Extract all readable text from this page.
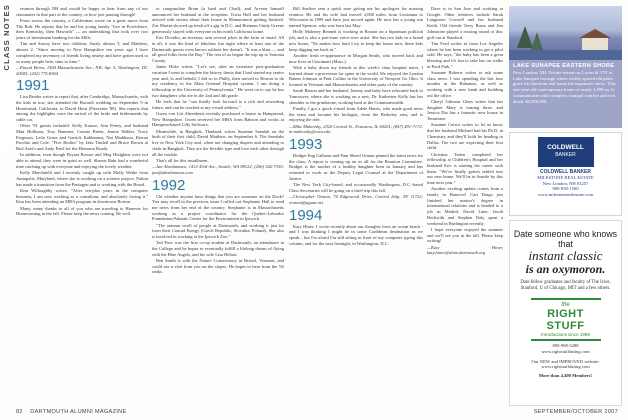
CLASS NOTES	reunion through NH and would be happy to hear from any of our classmates in that part of the country, or how just passing through!

From across the country, a Californian wrote on a great move from The Rob. He reports that he and his young family "live in Providence, then Kentucky, then Haworth" — an undertaking that took over two years of investment banking for the Mills.

Tim and Stacey have two children, Sarah, almost 5, and Matthew, almost 2. "Since moving to New Hampshire ten years ago I have completed my inventory of friends living nearby and have gotten used to so many people here, time to time."

—Pascal Berns, 1500 Massachusetts Ave., NW, Apt. 5, Washington, DC 20005; (202) 775-8364

1991

Lisa Bruder writes to report that, after Cambridge, Massachusetts, with the kids in tow, she attended the Bacardi wedding on September 9 in Homestead, California, to David Horn (Princeton '80). She reports that among the highlights were the arrival of the bride and bridesmaids by cable car.

Other '91 guests included: Kelly Krause, Ann Pettey, and husband Matt Hollinan; Troy Bammer, Connie Breen, Jennie Walker, Tracy Ferguson, Leila Grace and Garrick Kubbernus; Nat Maddison, Kieran Pacchio and Cole. "Five Bodies" by Jake Tindall and Bruce Brown at Bod Auer's and Andy Pawl for the Hermosa Roads.

In addition, even though Bryant Bowne and Meg Hodgkins were not able to attend, they were in spirit as well. Sharon Bahr had a wonderful time catching up with everyone and enjoying the lovely weather.

Kelly Marchitelli and I recently caught up with Molly Weihe from Annapolis, Maryland, where she is working on a science project. Fulton has made a transition from the Pentagon and is working with the Board.

Kim Willoughby writes: "After ten-plus years in the computer business, I am now working as a consultant, and absolutely loving it." Kim has been attending an MBA program in downtown Boston.

Many, many thanks to all of you who are traveling to Hanover for Homecoming in the fall. Please keep the news coming. Be well.

to congratulate Brian (a hard and Chad), and Arveen himself announced her husband at the reception. Tricia Hall and her husband arrived with stories about their house in Mamaroneck getting finished. Zac Martin showed up fresh off a gig in D.C. and Brennan Cindy Greene generously stayed with everyone in his north California home.

Eric Dovidio, an investor, sent several jokes in the form of email. All in all, it was the kind of fabulous fun night where at least one of the Dartmouth guests even knows without her doesn't. "It was a blast — and all good folks from the Bay." The rest of us began the trip up to Sonoma County.

Jamie Hoke writes: "Let's see, after an extensive post-graduation vacation I went to complete the history thesis that I had started my senior year and, lo and behold, I did so in Philly, then moved to Boston to do my residency in the Mass General Hospital system. I am doing a fellowship at the University of Pennsylvania." He went on to say he has two daughters who are in the 2nd and 4th grade.

He feels that he "can finally look forward to a rich and rewarding future, and can be reached at my e-mail address."

Gwen von Litt Ahrenberts recently purchased a house in Hampstead, New Hampshire. Gwen received her MBA from Babson and works at Hampton-based Lilly Software.

Meanwhile, in Bangkok, Thailand, writes Suzanne Saenlak on the birth of their first child, David Matthew, on September 6. The Saenlaks live in New York City and, when not changing diapers and attending to clade in Bangkok. They are the flexible type and love each other through all the trouble.

That's all for this installment.

—Jan Abrahamsen, 1412 43rd Ave., Seattle, WA 98122; (206) 342-7330; jan@abrahamsen.com

1992

Chi whether anyone have things that you are someone on the Dock? You may recall in the previous issue I called out Stephanie Hall to send me news from her end of the country. Stephanie is in Massachusetts working as a project coordinator for the Quebec-Labrador Foundation/Atlantic Center for the Environment in Ipswich.

"The autumn swell of people at Dartmouth, and working it just far from their Conrad Energy (Czech Republic, Slovakia, Poland). She also is involved in working at the Ipswich Zoo."

Ted Poor was the first co-op student at Dartmouth; an attendance in the College and he hopes to eventually fulfill a lifelong dream of flying with the Blue Angels, and his wife Lisa Helton.

Ben Smith is with the Nature Conservancy in Bristol, Vermont, and could use a visit from you on the slopes. He hopes to hear from the '92 ranks.

Bill Snelton sent a quick note giving me his apologies for missing reunion. He and his wife had moved 2,000 miles from Louisiana to Wisconsin in 1999 and have just moved again. He now has a young son named Spencer, who was born last May.

Holly Maloney Bennett is working in Boston on a bipartisan political job, and is also a part-time voice-over artist. She has two kids in a brand new home; "No matter how hard I try to keep the house nice, these kids keep digging me back in."

Another fresh re-appearance in Morgan Smith, who moved back and now lives in Cincinnati (Mass.).

With a baby down my friends at this week's class hospital notes, I learned about a procession for spine in the world. We enjoyed the Lyndon Baines Johnson at Park Collins in the University of Newport Go Ohio. It loomed in Vermont and Massachusetts and other parts of the country.

Sarah Barton and her husband, Jeremy and baby have relocated back to Vancouver, where she is working on a new, Dr. Katherine Kelly has her shoulder to the grindstone, working hard at the Commonwealth.

Finally, I got a quick e-mail from Adele Harris, who made good news the team and became his biologist, from the Berkeley area, and is enjoying the ride.

—Mike Makovsky, 2320 Central St., Evanston, IL 60201; (847) 491-7172; m-makovsky@nwu.edu

1993

Bridget Eng Calhoun and Pam Sheed Orman penned the latest news for the class. A report is coming up on us all for the Reunion Committee. Bridget is the mother of a healthy daughter born in January and has returned to work as the Deputy Legal Counsel at the Department of Justice.

The New York City-based, and occasionally Washington, D.C.-based Class Secretaries will be going on a brief trip this fall.

—Christopher Orman, 74 Edgewood Drive, Central Islip, NY 11722; orman@jaguar.net

1994

Katy Hiner: I wrote recently about our thoughts from an ocean beach - and I was thinking I might be in some Caribbean destination as we speak... but I'm afraid I'm still sitting in front of my computer typing this column, and for the next fortnight, in Washington, D.C.

Dave is in San Jose and working at Google. Other relatives include Sarah Langmore Crowell and her husband Keith. Old friends Terry Bruss and Jim Johnstone played a rousing round of disc golf out at Stanford.

Tim Ford writes in from Los Angeles where he has been working to get a pilot sold. He says, "the baby has been a great blessing and it's fun to take her on walks in Ford Park."

Susanne Roberts writes to ask some class news. I was spending the last four months in the Bahamas, as well as working with a new bank and building out the office.

Cheryl Gilmour Glass writes that her daughter Mary is turning three, and Jessica Dix has a fantastic new house in Tennessee.

Suzanne Cerros writes to let us know that her husband Michael had his Ph.D. in Chemistry and they'll both be heading to Dallas. The two are expecting their first child.

Christina Taiten completed her fellowship at Children's Hospital and her husband Eric is starting his career with them. "We've finally gotten settled into our new home. We'll be in Seattle by this time next year."

Another exciting update comes from a family in Hanover! Cari Drago just finished her master's degree in international relations and is headed to a job in Madrid. David Lane, Jacob Beckwith and Stephen Daly spent a weekend in Burlington recently.

I hope everyone enjoyed the summer and we'll see you in the fall. Please keep writing!

—Katy Hiner, katy.hiner@alum.dartmouth.org

LAKE SUNAPEE EASTERN SHORE
New London, NH. Private retreat on 2 acres & 170' of Lake Sunapee frontage where widely spaced old pines grace the lakefront and frame the expansive views. This one-year-old contemporary home of nearly 4,000 sq. ft. communicates with complete, tranquil comfort and rich detail. $3,950,000.
COLDWELL
BANKER
COLDWELL BANKER
MILESTONE REAL ESTATE
New London, NH 03257
800-858-1500
www.milestonerealestate.com
Date someone who knows that
instant classic
is an oxymoron.
Date fellow graduates and faculty of The Ivies, Stanford, U of Chicago, MIT and a few others.
the
RIGHT STUFF
Introductions since 1989
800-988-5288
www.rightstuffdating.com
Our NEW and IMPROVED website: www.rightstuffdating.com
More than 4,400 Members!
82 DARTMOUTH ALUMNI MAGAZINE	SEPTEMBER/OCTOBER 2007
